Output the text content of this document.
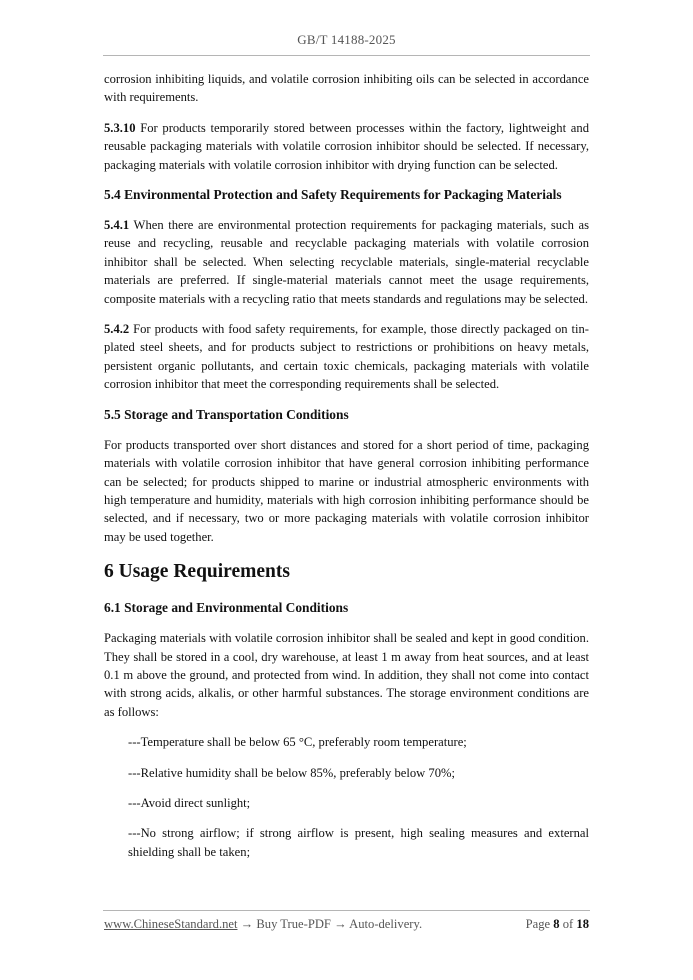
GB/T 14188-2025

corrosion inhibiting liquids, and volatile corrosion inhibiting oils can be selected in accordance with requirements.

5.3.10 For products temporarily stored between processes within the factory, lightweight and reusable packaging materials with volatile corrosion inhibitor should be selected. If necessary, packaging materials with volatile corrosion inhibitor with drying function can be selected.

5.4 Environmental Protection and Safety Requirements for Packaging Materials

5.4.1 When there are environmental protection requirements for packaging materials, such as reuse and recycling, reusable and recyclable packaging materials with volatile corrosion inhibitor shall be selected. When selecting recyclable materials, single-material recyclable materials are preferred. If single-material materials cannot meet the usage requirements, composite materials with a recycling ratio that meets standards and regulations may be selected.

5.4.2 For products with food safety requirements, for example, those directly packaged on tin-plated steel sheets, and for products subject to restrictions or prohibitions on heavy metals, persistent organic pollutants, and certain toxic chemicals, packaging materials with volatile corrosion inhibitor that meet the corresponding requirements shall be selected.

5.5 Storage and Transportation Conditions

For products transported over short distances and stored for a short period of time, packaging materials with volatile corrosion inhibitor that have general corrosion inhibiting performance can be selected; for products shipped to marine or industrial atmospheric environments with high temperature and humidity, materials with high corrosion inhibiting performance should be selected, and if necessary, two or more packaging materials with volatile corrosion inhibitor may be used together.

6 Usage Requirements
6.1 Storage and Environmental Conditions

Packaging materials with volatile corrosion inhibitor shall be sealed and kept in good condition. They shall be stored in a cool, dry warehouse, at least 1 m away from heat sources, and at least 0.1 m above the ground, and protected from wind. In addition, they shall not come into contact with strong acids, alkalis, or other harmful substances. The storage environment conditions are as follows:

---Temperature shall be below 65 °C, preferably room temperature;
---Relative humidity shall be below 85%, preferably below 70%;
---Avoid direct sunlight;
---No strong airflow; if strong airflow is present, high sealing measures and external shielding shall be taken;
www.ChineseStandard.net → Buy True-PDF → Auto-delivery.	Page 8 of 18
